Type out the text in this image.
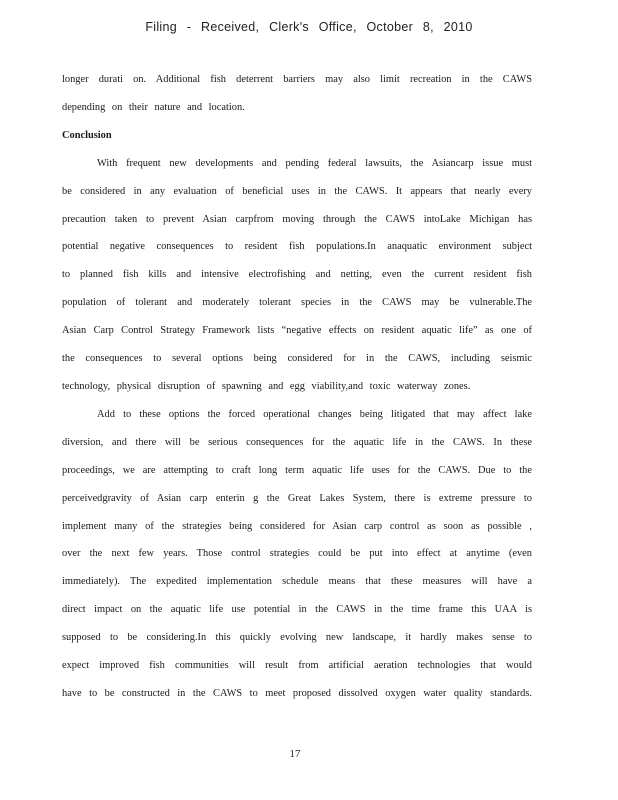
Filing - Received, Clerk's Office, October 8, 2010
longer durati on. Additional fish deterrent barriers may also limit recreation in the CAWS
depending on their nature and location.
Conclusion
With frequent new developments and pending federal lawsuits, the Asiancarp issue must
be considered in any evaluation of beneficial uses in the CAWS. It appears that nearly every
precaution taken to prevent Asian carpfrom moving through the CAWS intoLake Michigan has
potential negative consequences to resident fish populations.In anaquatic environment subject
to planned fish kills and intensive electrofishing and netting, even the current resident fish
population of tolerant and moderately tolerant species in the CAWS may be vulnerable.The
Asian Carp Control Strategy Framework lists “negative effects on resident aquatic life” as one of
the consequences to several options being considered for in the CAWS, including seismic
technology, physical disruption of spawning and egg viability,and toxic waterway zones.
Add to these options the forced operational changes being litigated that may affect lake
diversion, and there will be serious consequences for the aquatic life in the CAWS. In these
proceedings, we are attempting to craft long term aquatic life uses for the CAWS. Due to the
perceivedgravity of Asian carp enterin g the Great Lakes System, there is extreme pressure to
implement many of the strategies being considered for Asian carp control as soon as possible ,
over the next few years. Those control strategies could be put into effect at anytime (even
immediately). The expedited implementation schedule means that these measures will have a
direct impact on the aquatic life use potential in the CAWS in the time frame this UAA is
supposed to be considering.In this quickly evolving new landscape, it hardly makes sense to
expect improved fish communities will result from artificial aeration technologies that would
have to be constructed in the CAWS to meet proposed dissolved oxygen water quality standards.
17
